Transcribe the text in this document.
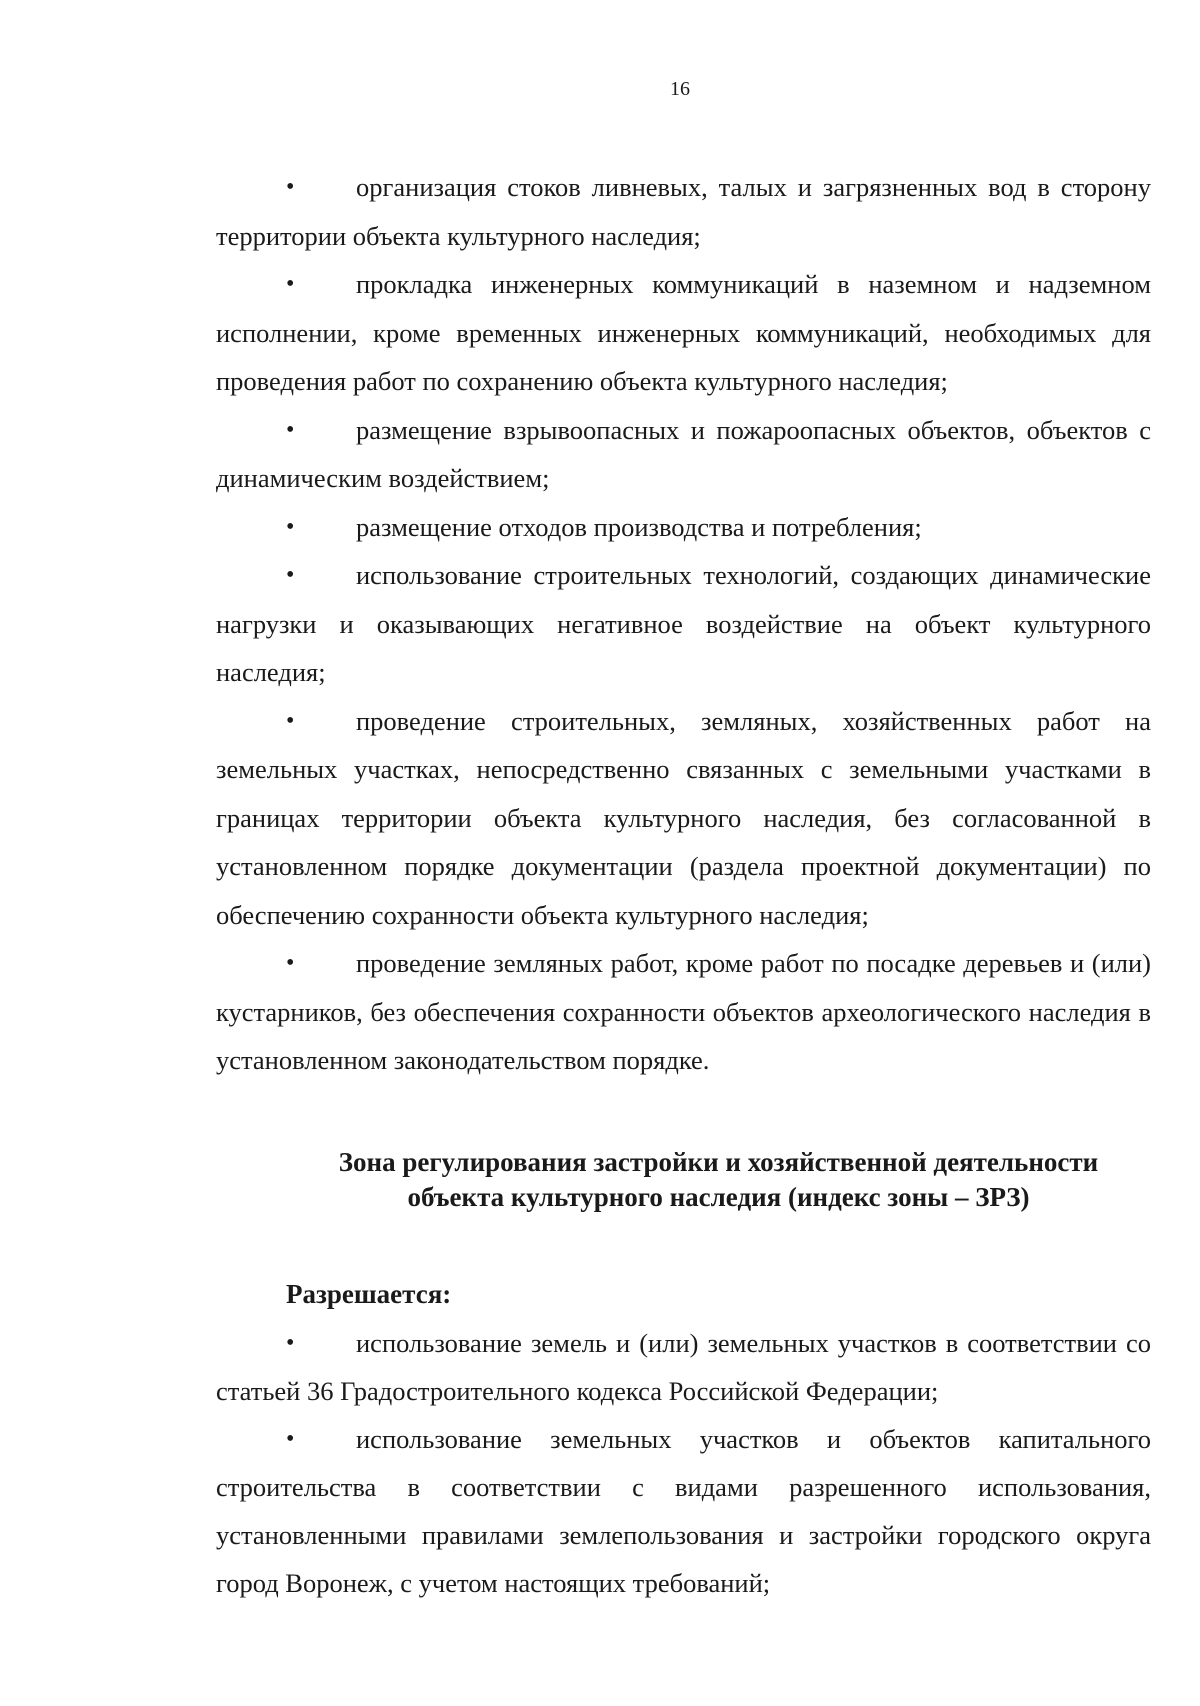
16

• организация стоков ливневых, талых и загрязненных вод в сторону территории объекта культурного наследия;

• прокладка инженерных коммуникаций в наземном и надземном исполнении, кроме временных инженерных коммуникаций, необходимых для проведения работ по сохранению объекта культурного наследия;

• размещение взрывоопасных и пожароопасных объектов, объектов с динамическим воздействием;

• размещение отходов производства и потребления;

• использование строительных технологий, создающих динамические нагрузки и оказывающих негативное воздействие на объект культурного наследия;

• проведение строительных, земляных, хозяйственных работ на земельных участках, непосредственно связанных с земельными участками в границах территории объекта культурного наследия, без согласованной в установленном порядке документации (раздела проектной документации) по обеспечению сохранности объекта культурного наследия;

• проведение земляных работ, кроме работ по посадке деревьев и (или) кустарников, без обеспечения сохранности объектов археологического наследия в установленном законодательством порядке.

Зона регулирования застройки и хозяйственной деятельности
объекта культурного наследия (индекс зоны – ЗРЗ)
Разрешается:

• использование земель и (или) земельных участков в соответствии со статьей 36 Градостроительного кодекса Российской Федерации;

• использование земельных участков и объектов капитального строительства в соответствии с видами разрешенного использования, установленными правилами землепользования и застройки городского округа город Воронеж, с учетом настоящих требований;
